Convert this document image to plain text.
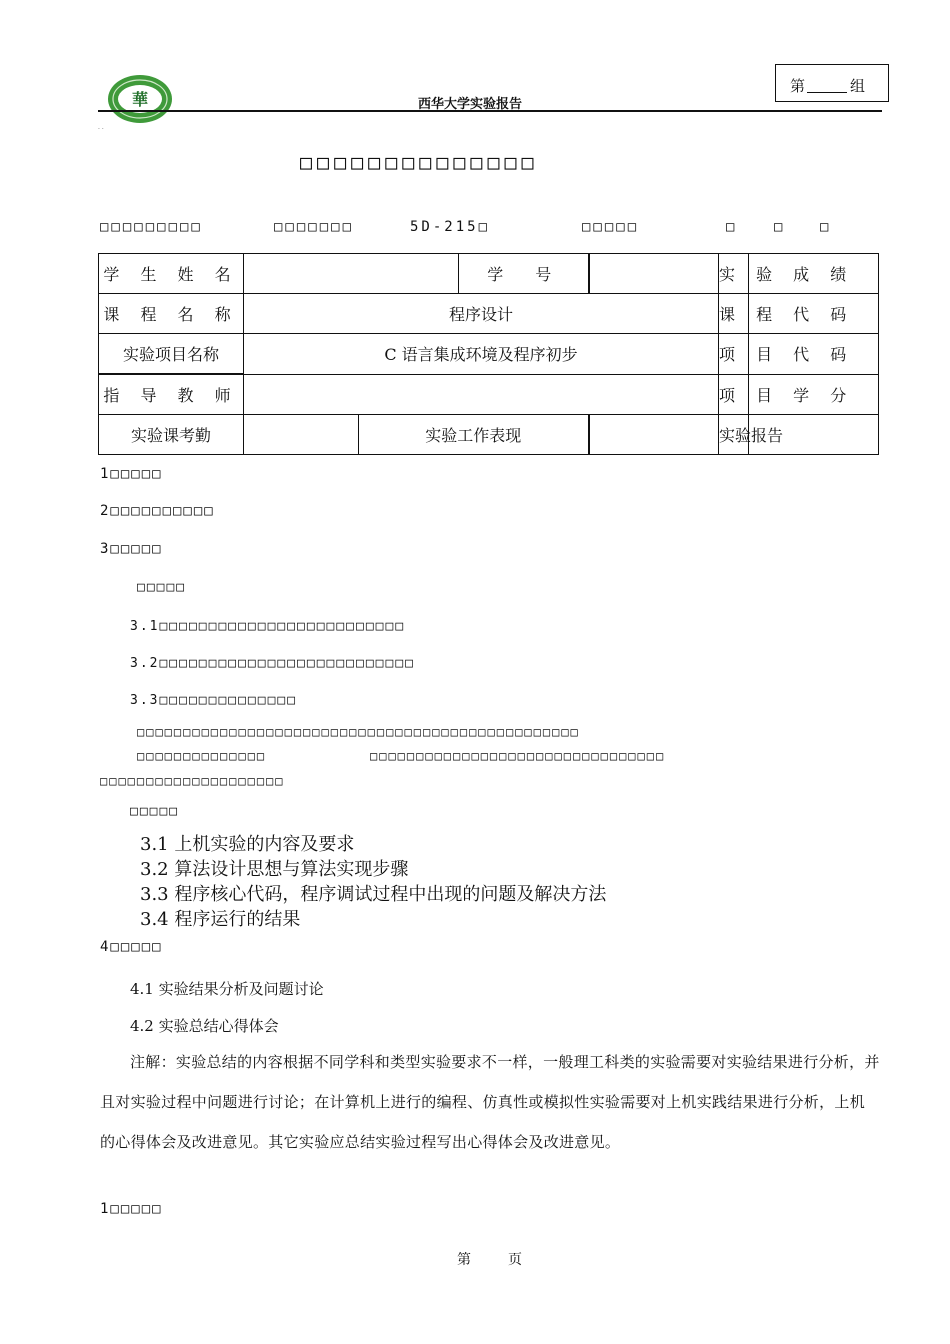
華	西华大学实验报告
第	组
· ·
□□□□□□□□□□□□□□
□□□□□□□□□	□□□□□□□	5D-215□	□□□□□	□	□ □
学 生 姓 名			学　号		实 验 成 绩	
课 程 名 称	程序设计				课 程 代 码	
实验项目名称	C 语言集成环境及程序初步				项 目 代 码	
指 导 教 师					项 目 学 分	
实验课考勤		实验工作表现			实验报告	
1□□□□□
2□□□□□□□□□□
3□□□□□
□□□□□
3.1□□□□□□□□□□□□□□□□□□□□□□□□□
3.2□□□□□□□□□□□□□□□□□□□□□□□□□□
3.3□□□□□□□□□□□□□□
□□□□□□□□□□□□□□□□□□□□□□□□□□□□□□□□□□□□□□□□□□□□□□□□
□□□□□□□□□□□□□□	□□□□□□□□□□□□□□□□□□□□□□□□□□□□□□□□
□□□□□□□□□□□□□□□□□□□□
□□□□□
3.1 上机实验的内容及要求
3.2 算法设计思想与算法实现步骤
3.3 程序核心代码，程序调试过程中出现的问题及解决方法
3.4 程序运行的结果
4□□□□□
4.1 实验结果分析及问题讨论
4.2 实验总结心得体会
注解：实验总结的内容根据不同学科和类型实验要求不一样，一般理工科类的实验需要对实验结果进行分析，并且对实验过程中问题进行讨论；在计算机上进行的编程、仿真性或模拟性实验需要对上机实践结果进行分析，上机的心得体会及改进意见。其它实验应总结实验过程写出心得体会及改进意见。
1□□□□□
第	页
